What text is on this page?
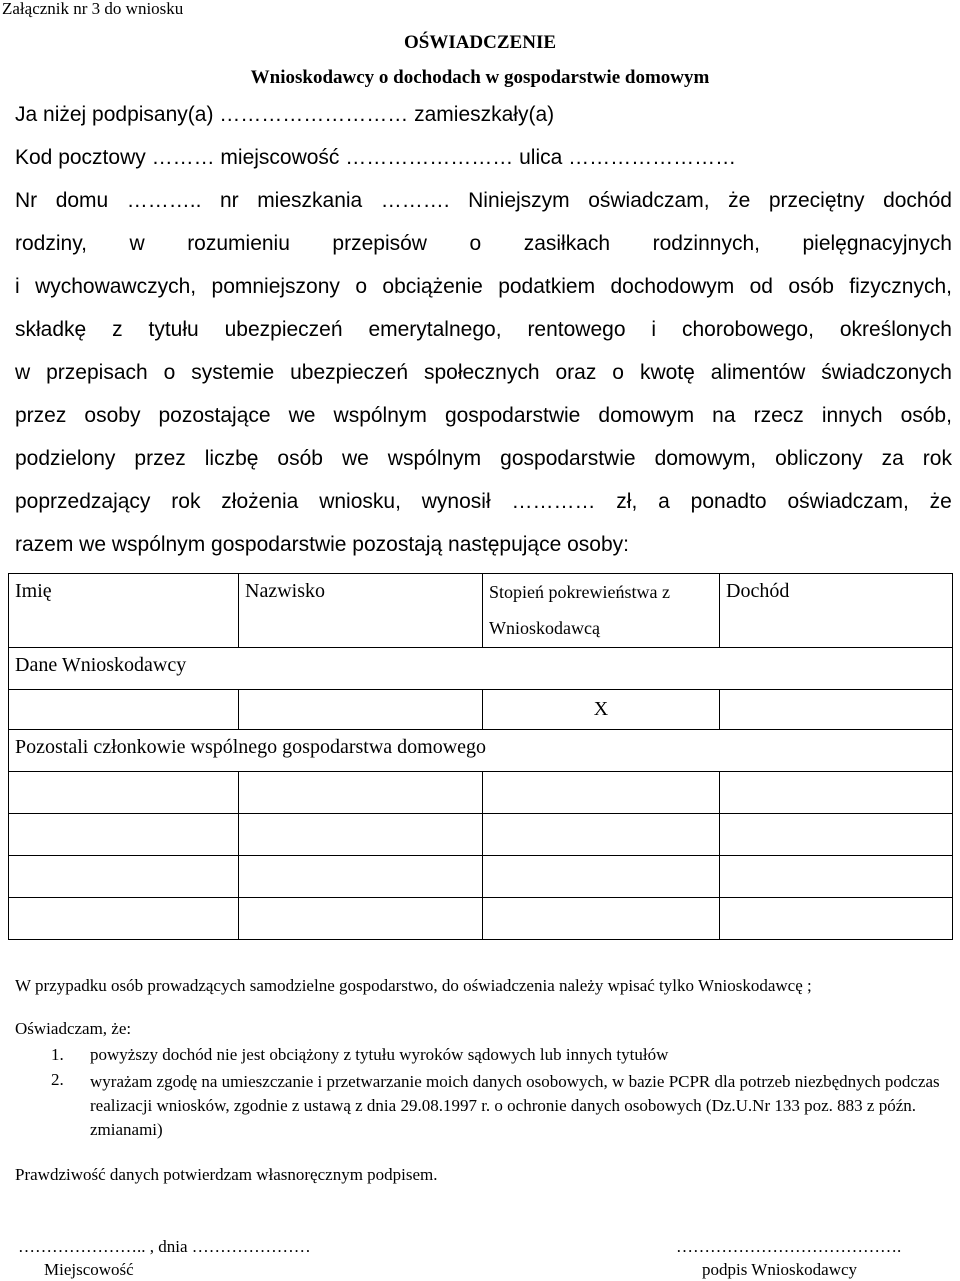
Załącznik nr 3 do wniosku
OŚWIADCZENIE
Wnioskodawcy o dochodach w gospodarstwie domowym
Ja niżej podpisany(a) ……………………… zamieszkały(a)
Kod pocztowy ……… miejscowość …………………… ulica ……………………
Nr domu ……….. nr mieszkania ………. Niniejszym oświadczam, że przeciętny dochód
rodziny, w rozumieniu przepisów o zasiłkach rodzinnych, pielęgnacyjnych
i wychowawczych, pomniejszony o obciążenie podatkiem dochodowym od osób fizycznych,
składkę z tytułu ubezpieczeń emerytalnego, rentowego i chorobowego, określonych
w przepisach o systemie ubezpieczeń społecznych oraz o kwotę alimentów świadczonych
przez osoby pozostające we wspólnym gospodarstwie domowym na rzecz innych osób,
podzielony przez liczbę osób we wspólnym gospodarstwie domowym, obliczony za rok
poprzedzający rok złożenia wniosku, wynosił ………… zł, a ponadto oświadczam, że
razem we wspólnym gospodarstwie pozostają następujące osoby:
Imię	Nazwisko	Stopień pokrewieństwa z Wnioskodawcą	Dochód

Dane Wnioskodawcy			

		X	

Pozostali członkowie wspólnego gospodarstwa domowego			

W przypadku osób prowadzących samodzielne gospodarstwo, do oświadczenia należy wpisać tylko Wnioskodawcę ;
Oświadczam, że:
1. powyższy dochód nie jest obciążony z tytułu wyroków sądowych lub innych tytułów
2. wyrażam zgodę na umieszczanie i przetwarzanie moich danych osobowych, w bazie PCPR dla potrzeb niezbędnych podczas realizacji wniosków, zgodnie z ustawą z dnia 29.08.1997 r. o ochronie danych osobowych (Dz.U.Nr 133 poz. 883 z późn. zmianami)
Prawdziwość danych potwierdzam własnoręcznym podpisem.
………………….. , dnia …………………
Miejscowość
………………………………….
podpis Wnioskodawcy
